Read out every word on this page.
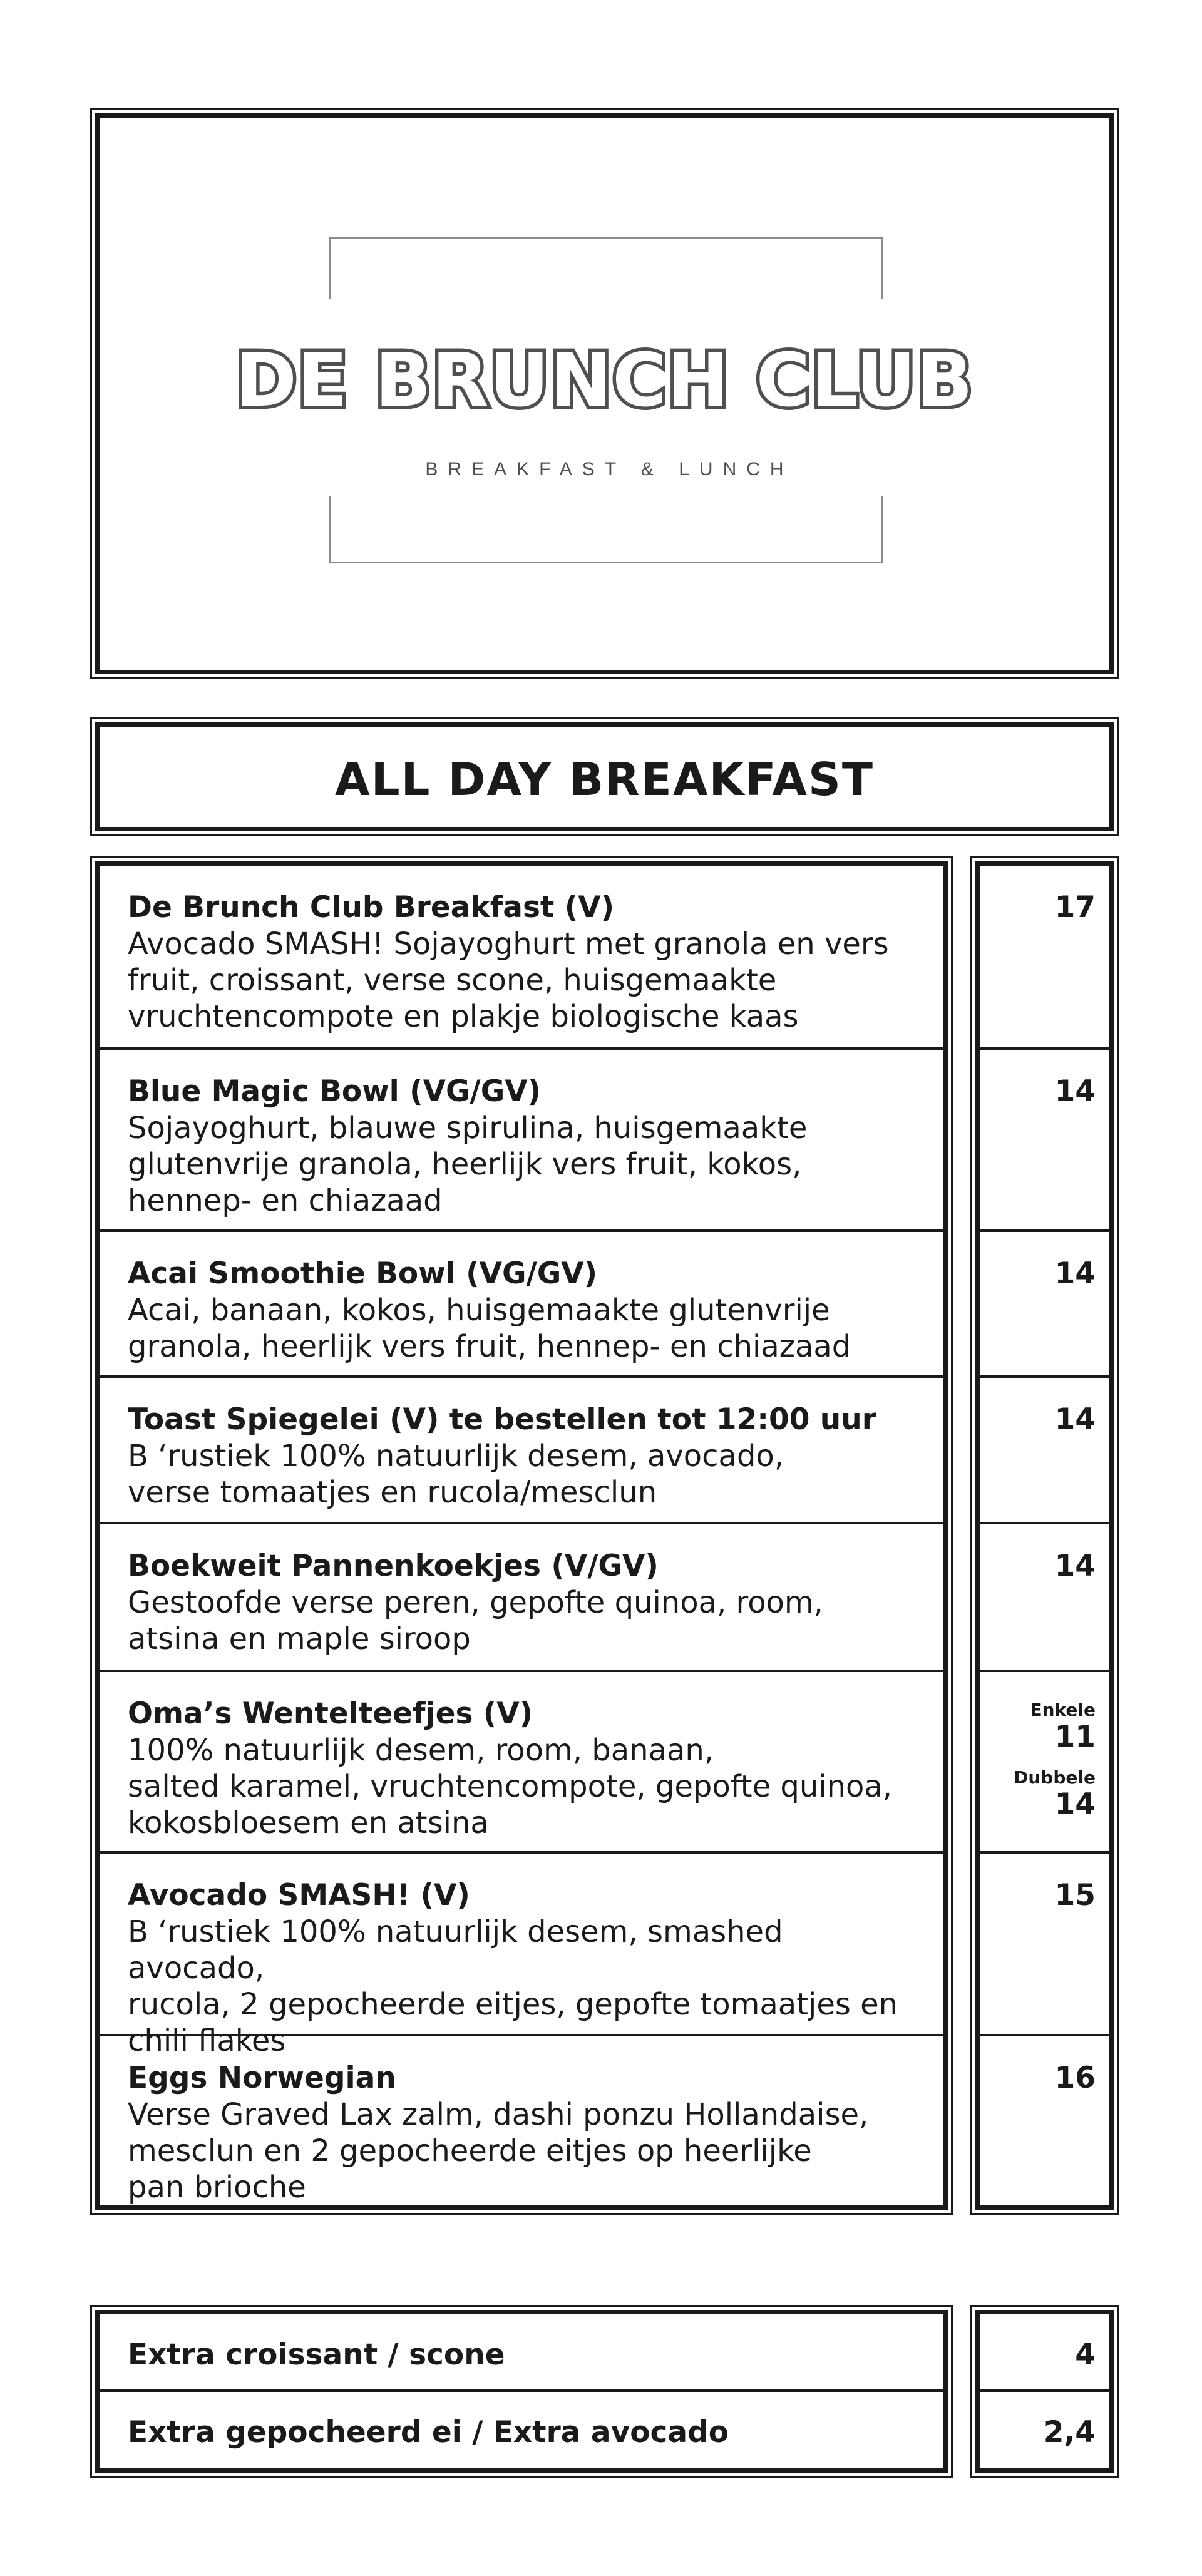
DE BRUNCH CLUB
BREAKFAST & LUNCH
ALL DAY BREAKFAST
De Brunch Club Breakfast (V)
Avocado SMASH! Sojayoghurt met granola en vers
fruit, croissant, verse scone, huisgemaakte
vruchtencompote en plakje biologische kaas
Blue Magic Bowl (VG/GV)
Sojayoghurt, blauwe spirulina, huisgemaakte
glutenvrije granola, heerlijk vers fruit, kokos,
hennep- en chiazaad
Acai Smoothie Bowl (VG/GV)
Acai, banaan, kokos, huisgemaakte glutenvrije
granola, heerlijk vers fruit, hennep- en chiazaad
Toast Spiegelei (V) te bestellen tot 12:00 uur
B ‘rustiek 100% natuurlijk desem, avocado,
verse tomaatjes en rucola/mesclun
Boekweit Pannenkoekjes (V/GV)
Gestoofde verse peren, gepofte quinoa, room,
atsina en maple siroop
Oma’s Wentelteefjes (V)
100% natuurlijk desem, room, banaan,
salted karamel, vruchtencompote, gepofte quinoa,
kokosbloesem en atsina
Avocado SMASH! (V)
B ‘rustiek 100% natuurlijk desem, smashed avocado,
rucola, 2 gepocheerde eitjes, gepofte tomaatjes en
chili flakes
Eggs Norwegian
Verse Graved Lax zalm, dashi ponzu Hollandaise,
mesclun en 2 gepocheerde eitjes op heerlijke
pan brioche
17
14
14
14
14
Enkele
11
Dubbele
14
15
16
Extra croissant / scone
Extra gepocheerd ei / Extra avocado
4
2,4
